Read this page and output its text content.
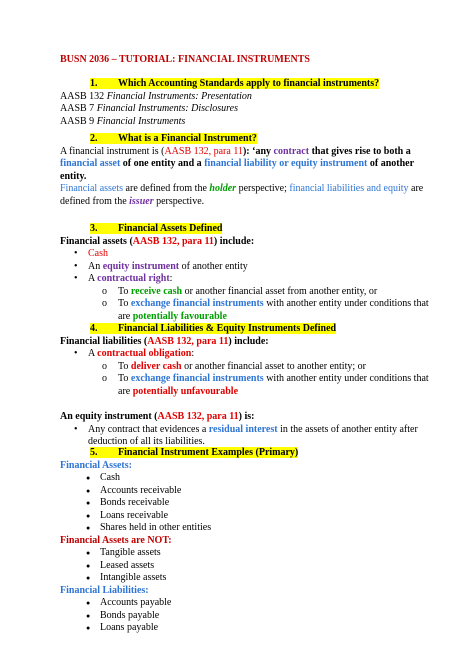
BUSN 2036 – TUTORIAL: FINANCIAL INSTRUMENTS
1. Which Accounting Standards apply to financial instruments?

AASB 132 Financial Instruments: Presentation

AASB 7 Financial Instruments: Disclosures

AASB 9 Financial Instruments

2. What is a Financial Instrument?

A financial instrument is (AASB 132, para 11): ‘any contract that gives rise to both a financial asset of one entity and a financial liability or equity instrument of another entity.

Financial assets are defined from the holder perspective; financial liabilities and equity are defined from the issuer perspective.

3. Financial Assets Defined

Financial assets (AASB 132, para 11) include:

• Cash
• An equity instrument of another entity
• A contractual right:
o To receive cash or another financial asset from another entity, or
o To exchange financial instruments with another entity under conditions that are potentially favourable
4. Financial Liabilities & Equity Instruments Defined

Financial liabilities (AASB 132, para 11) include:

• A contractual obligation:
o To deliver cash or another financial asset to another entity; or
o To exchange financial instruments with another entity under conditions that are potentially unfavourable

An equity instrument (AASB 132, para 11) is:

• Any contract that evidences a residual interest in the assets of another entity after deduction of all its liabilities.
5. Financial Instrument Examples (Primary)

Financial Assets:

● Cash
● Accounts receivable
● Bonds receivable
● Loans receivable
● Shares held in other entities

Financial Assets are NOT:

● Tangible assets
● Leased assets
● Intangible assets

Financial Liabilities:

● Accounts payable
● Bonds payable
● Loans payable
